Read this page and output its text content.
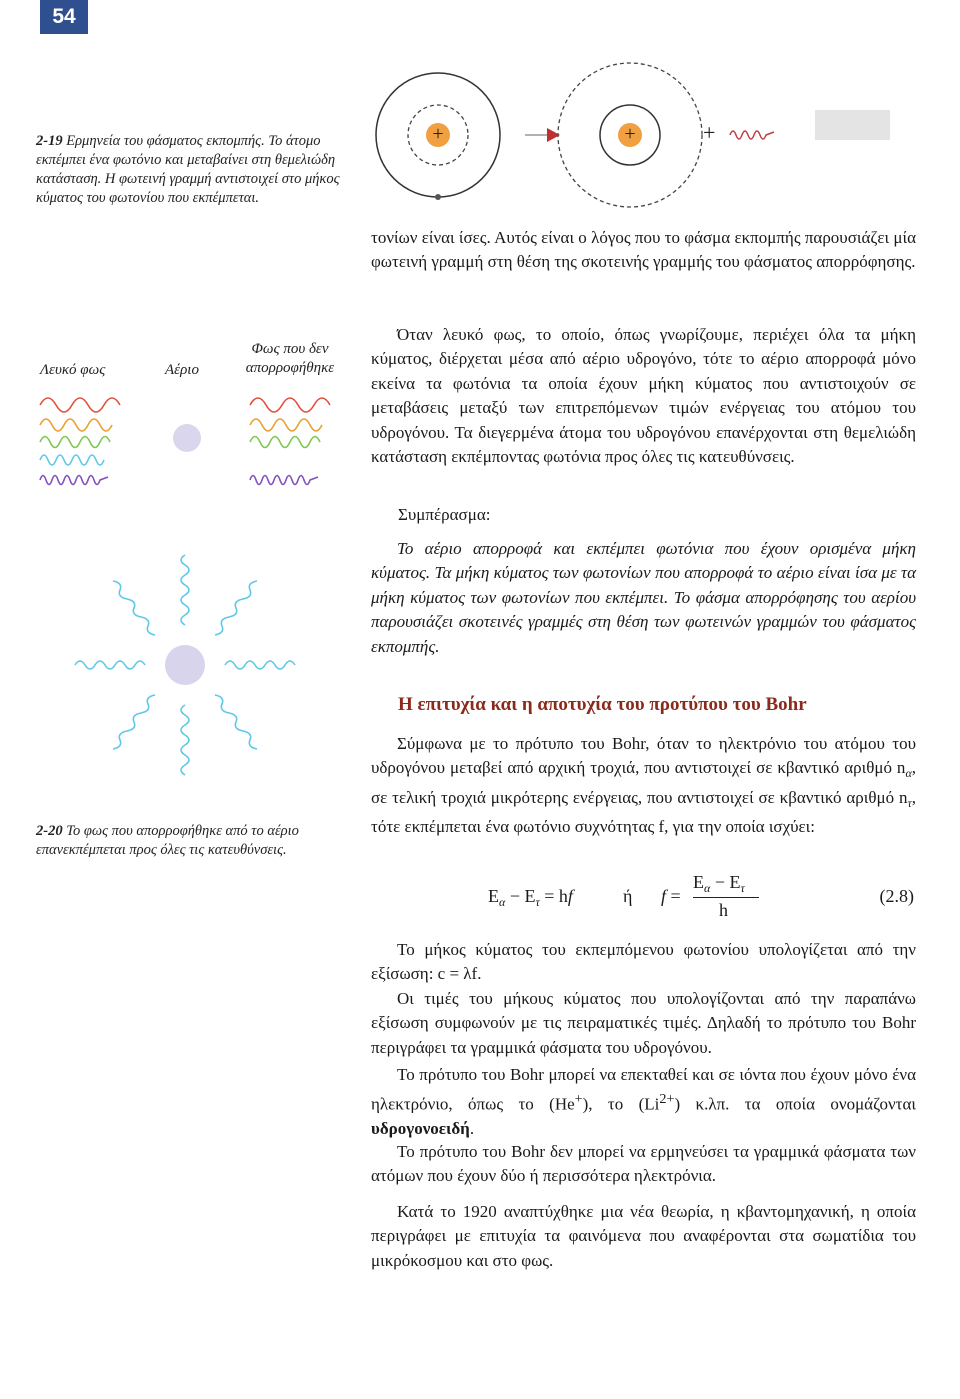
54
+	+	+
2-19 Ερμηνεία του φάσματος εκπομπής. Το άτομο εκπέμπει ένα φωτόνιο και μεταβαίνει στη θεμελιώδη κατάσταση. Η φωτεινή γραμμή αντιστοιχεί στο μήκος κύματος του φωτονίου που εκπέμπεται.
Λευκό φως	Αέριο
Φως που δεν απορροφήθηκε
2-20 Το φως που απορροφήθηκε από το αέριο επανεκπέμπεται προς όλες τις κατευθύνσεις.

τονίων είναι ίσες. Αυτός είναι ο λόγος που το φάσμα εκπομπής παρουσιάζει μία φωτεινή γραμμή στη θέση της σκοτεινής γραμμής του φάσματος απορρόφησης.

Όταν λευκό φως, το οποίο, όπως γνωρίζουμε, περιέχει όλα τα μήκη κύματος, διέρχεται μέσα από αέριο υδρογόνο, τότε το αέριο απορροφά μόνο εκείνα τα φωτόνια τα οποία έχουν μήκη κύματος που αντιστοιχούν σε μεταβάσεις μεταξύ των επιτρεπόμενων τιμών ενέργειας του ατόμου του υδρογόνου. Τα διεγερμένα άτομα του υδρογόνου επανέρχονται στη θεμελιώδη κατάσταση εκπέμποντας φωτόνια προς όλες τις κατευθύνσεις.

Συμπέρασμα:

Το αέριο απορροφά και εκπέμπει φωτόνια που έχουν ορισμένα μήκη κύματος. Τα μήκη κύματος των φωτονίων που απορροφά το αέριο είναι ίσα με τα μήκη κύματος των φωτονίων που εκπέμπει. Το φάσμα απορρόφησης του αερίου παρουσιάζει σκοτεινές γραμμές στη θέση των φωτεινών γραμμών του φάσματος εκπομπής.

Η επιτυχία και η αποτυχία του προτύπου του Bohr

Σύμφωνα με το πρότυπο του Bohr, όταν το ηλεκτρόνιο του ατόμου του υδρογόνου μεταβεί από αρχική τροχιά, που αντιστοιχεί σε κβαντικό αριθμό $n_\alpha$, σε τελική τροχιά μικρότερης ενέργειας, που αντιστοιχεί σε κβαντικό αριθμό $n_\tau$, τότε εκπέμπεται ένα φωτόνιο συχνότητας f, για την οποία ισχύει:

$E_\alpha - E_\tau$ = hf	ή f =
$E_\alpha - E_\tau$
h
(2.8)

Το μήκος κύματος του εκπεμπόμενου φωτονίου υπολογίζεται από την εξίσωση: c = λf.

Οι τιμές του μήκους κύματος που υπολογίζονται από την παραπάνω εξίσωση συμφωνούν με τις πειραματικές τιμές. Δηλαδή το πρότυπο του Bohr περιγράφει τα γραμμικά φάσματα του υδρογόνου.

Το πρότυπο του Bohr μπορεί να επεκταθεί και σε ιόντα που έχουν μόνο ένα ηλεκτρόνιο, όπως το (He+), το $(Li^{2+})$ κ.λπ. τα οποία ονομάζονται υδρογονοειδή.

Το πρότυπο του Bohr δεν μπορεί να ερμηνεύσει τα γραμμικά φάσματα των ατόμων που έχουν δύο ή περισσότερα ηλεκτρόνια.

Κατά το 1920 αναπτύχθηκε μια νέα θεωρία, η κβαντομηχανική, η οποία περιγράφει με επιτυχία τα φαινόμενα που αναφέρονται στα σωματίδια του μικρόκοσμου και στο φως.
